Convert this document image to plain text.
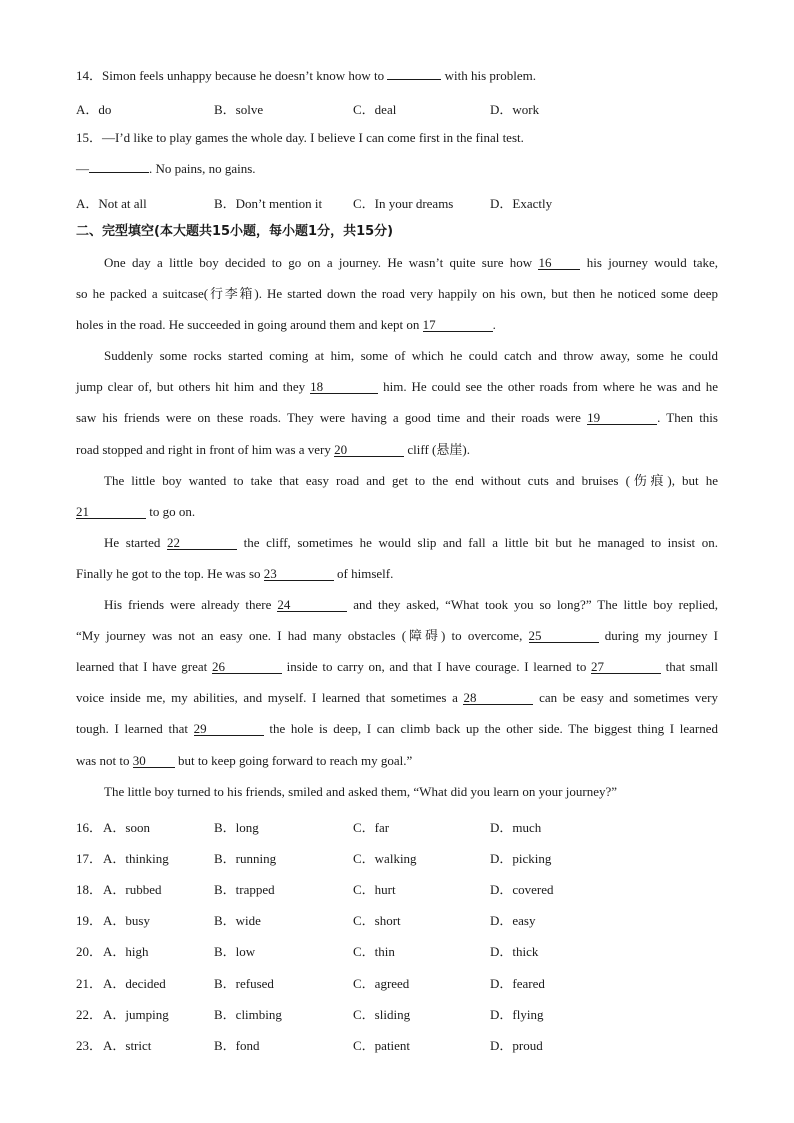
14．Simon feels unhappy because he doesn’t know how to	with his problem.
A．do	B．solve	C．deal	D．work
15．—I’d like to play games the whole day. I believe I can come first in the final test.
—	. No pains, no gains.
A．Not at all	B．Don’t mention it C．In your dreams	D．Exactly
二、完型填空(本大题共15小题，每小题1分，共15分)
One day a little boy decided to go on a journey. He wasn’t quite sure how 16 his journey would take,
so he packed a suitcase(行李箱). He started down the road very happily on his own, but then he noticed some deep
holes in the road. He succeeded in going around them and kept on 17	.
Suddenly some rocks started coming at him, some of which he could catch and throw away, some he could
jump clear of, but others hit him and they 18	him. He could see the other roads from where he was and he
saw his friends were on these roads. They were having a good time and their roads were 19	. Then this
road stopped and right in front of him was a very 20	cliff (悬崖).
The little boy wanted to take that easy road and get to the end without cuts and bruises (伤痕), but he
21	to go on.
He started 22	the cliff, sometimes he would slip and fall a little bit but he managed to insist on.
Finally he got to the top. He was so 23	of himself.
His friends were already there 24	and they asked, “What took you so long?” The little boy replied,
“My journey was not an easy one. I had many obstacles (障碍) to overcome, 25	during my journey I
learned that I have great 26	inside to carry on, and that I have courage. I learned to 27	that small
voice inside me, my abilities, and myself. I learned that sometimes a 28	can be easy and sometimes very
tough. I learned that 29	the hole is deep, I can climb back up the other side. The biggest thing I learned
was not to 30 but to keep going forward to reach my goal.”
The little boy turned to his friends, smiled and asked them, “What did you learn on your journey?”
16． A．soon	B．long	C．far	D．much
17． A．thinking	B．running	C．walking	D．picking
18． A．rubbed	B．trapped	C．hurt	D．covered
19． A．busy	B．wide	C．short	D．easy
20． A．high	B．low	C．thin	D．thick
21． A．decided	B．refused	C．agreed	D．feared
22． A．jumping	B．climbing	C．sliding	D．flying
23． A．strict	B．fond	C．patient	D．proud
